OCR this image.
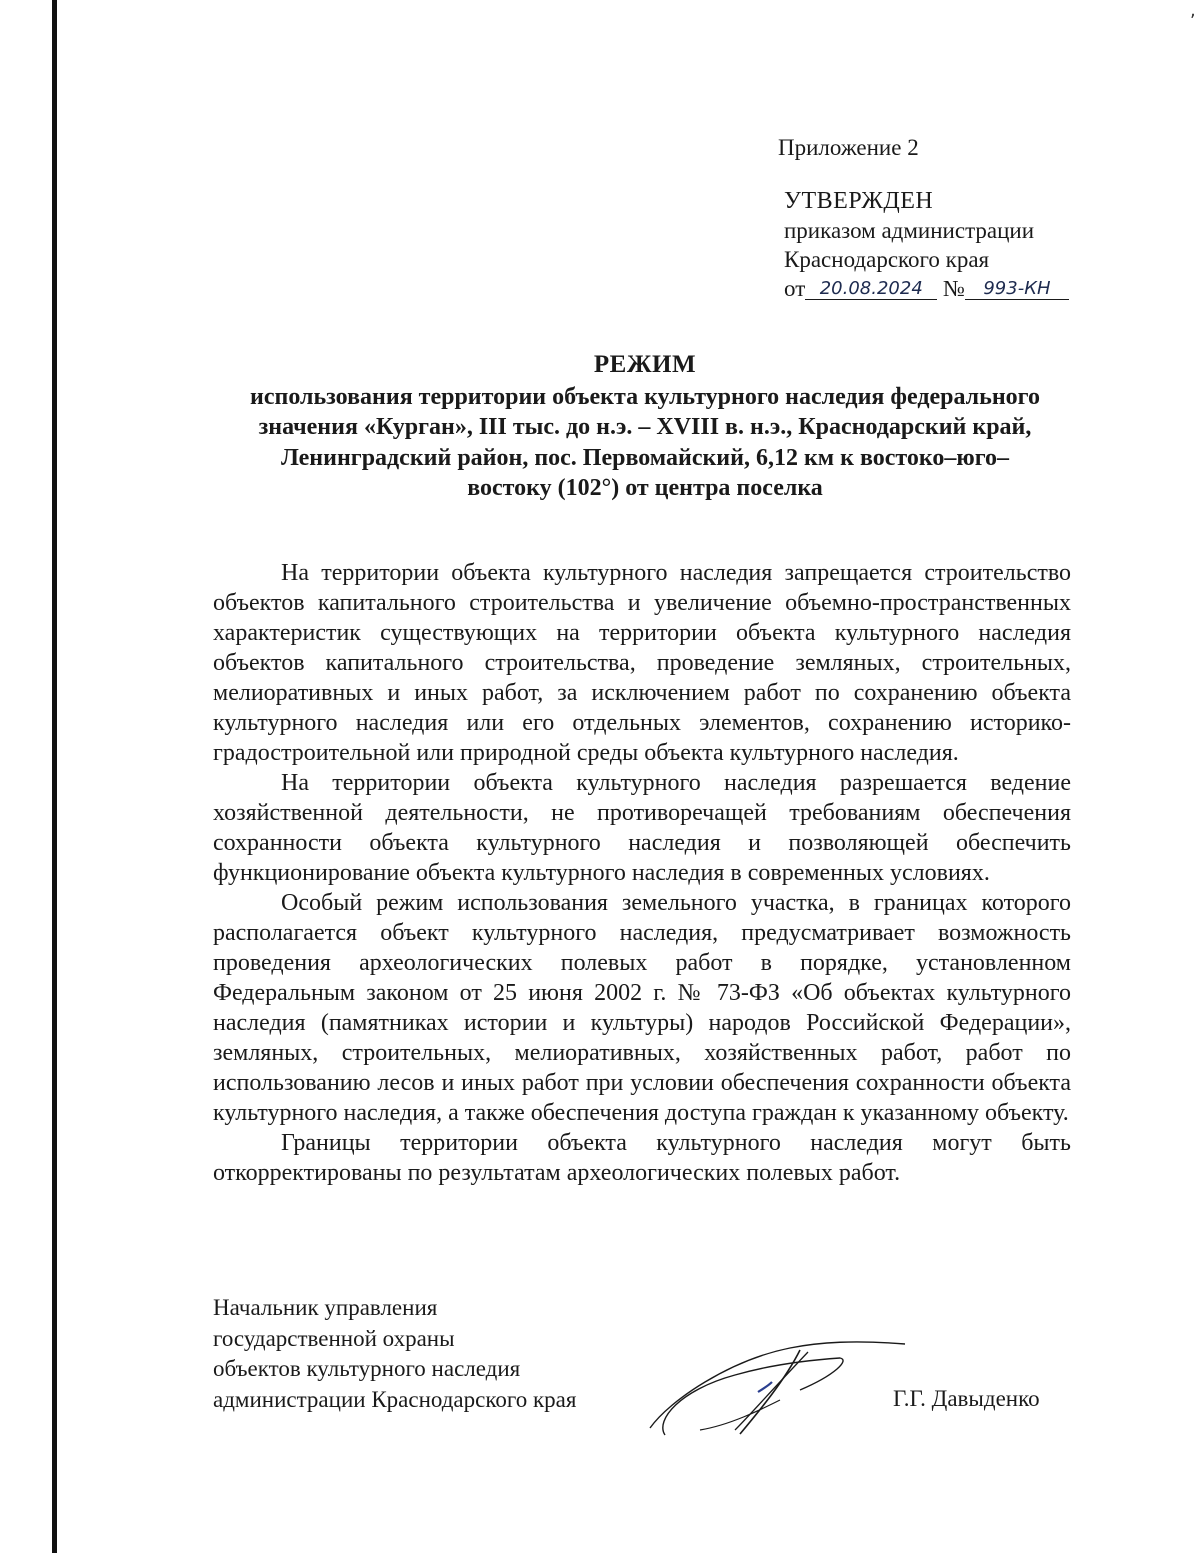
,
Приложение 2
УТВЕРЖДЕН
приказом администрации
Краснодарского края
от 20.08.2024 № 993-КН
РЕЖИМ
использования территории объекта культурного наследия федерального
значения «Курган», III тыс. до н.э. – XVIII в. н.э., Краснодарский край,
Ленинградский район, пос. Первомайский, 6,12 км к востоко–юго–
востоку (102°) от центра поселка

На территории объекта культурного наследия запрещается строительство объектов капитального строительства и увеличение объемно-пространственных характеристик существующих на территории объекта культурного наследия объектов капитального строительства, проведение земляных, строительных, мелиоративных и иных работ, за исключением работ по сохранению объекта культурного наследия или его отдельных элементов, сохранению историко-градостроительной или природной среды объекта культурного наследия.

На территории объекта культурного наследия разрешается ведение хозяйственной деятельности, не противоречащей требованиям обеспечения сохранности объекта культурного наследия и позволяющей обеспечить функционирование объекта культурного наследия в современных условиях.

Особый режим использования земельного участка, в границах которого располагается объект культурного наследия, предусматривает возможность проведения археологических полевых работ в порядке, установленном Федеральным законом от 25 июня 2002 г. № 73-ФЗ «Об объектах культурного наследия (памятниках истории и культуры) народов Российской Федерации», земляных, строительных, мелиоративных, хозяйственных работ, работ по использованию лесов и иных работ при условии обеспечения сохранности объекта культурного наследия, а также обеспечения доступа граждан к указанному объекту.

Границы территории объекта культурного наследия могут быть откорректированы по результатам археологических полевых работ.

Начальник управления
государственной охраны
объектов культурного наследия
администрации Краснодарского края	Г.Г. Давыденко
